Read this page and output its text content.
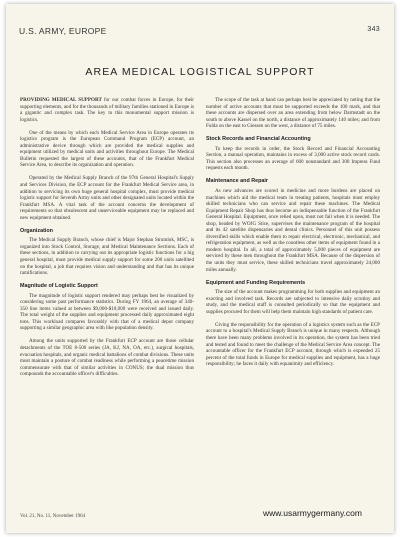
U.S. ARMY, EUROPE	343
AREA MEDICAL LOGISTICAL SUPPORT

PROVIDING MEDICAL SUPPORT for our combat forces in Europe, for their supporting elements, and for the thousands of military families stationed in Europe is a gigantic and complex task. The key to this monumental support mission is logistics.

One of the means by which each Medical Service Area in Europe operates its logistics program is the European Command Program (ECP) account, an administrative device through which are provided the medical supplies and equipment utilized by medical units and activities throughout Europe. The Medical Bulletin requested the largest of these accounts, that of the Frankfurt Medical Service Area, to describe its organization and operation.

Operated by the Medical Supply Branch of the 97th General Hospital's Supply and Services Division, the ECP account for the Frankfurt Medical Service area, in addition to servicing its own huge general hospital complex, must provide medical logistic support for Seventh Army units and other designated units located within the Frankfurt MSA. A vital task of the account concerns the development of requirements so that obsolescent and unserviceable equipment may be replaced and new equipment obtained.

Organization

The Medical Supply Branch, whose chief is Major Stephan Strumlok, MSC, is organized into Stock Control, Storage, and Medical Maintenance Sections. Each of these sections, in addition to carrying out its appropriate logistic functions for a big general hospital, must provide medical supply support for some 200 units satellited on the hospital, a job that requires vision and understanding and that has its unique ramifications.

Magnitude of Logistic Support

The magnitude of logistic support rendered may perhaps best be visualized by considering some past performance statistics. During FY 1964, an average of 340-350 line items valued at between $9,000-$10,000 were received and issued daily. The total weight of the supplies and equipment processed daily approximated eight tons. This workload compares favorably with that of a medical depot company supporting a similar geographic area with like population density.

Among the units supported by the Frankfurt ECP account are those cellular detachments of the TOE 8-500 series (JA, KJ, NA, OA, etc.), surgical hospitals, evacuation hospitals, and organic medical battalions of combat divisions. These units must maintain a posture of combat readiness while performing a peacetime mission commensurate with that of similar activities in CONUS; the dual mission thus compounds the accountable officer's difficulties.

The scope of the task at hand can perhaps best be appreciated by noting that the number of active accounts that must be supported exceeds the 100 mark, and that these accounts are dispersed over an area extending from below Darmstadt on the south to above Kassel on the north, a distance of approximately 140 miles; and from Fulda on the east to Giessen on the west, a distance of 75 miles.

Stock Records and Financial Accounting

To keep the records in order, the Stock Record and Financial Accounting Section, a manual operation, maintains in excess of 3,000 active stock record cards. This section also processes an average of 600 nonstandard and 300 Impress Fund requests each month.

Maintenance and Repair

As new advances are scored in medicine and more burdens are placed on machines which aid the medical team in treating patients, hospitals must employ skilled technicians who can service and repair these machines. The Medical Equipment Repair Shop has thus become an indispensable function of the Frankfurt General Hospital. Equipment, once relied upon, must not fail when it is needed. The shop, headed by WOJG Stice, supervises the maintenance program of the hospital and its 42 satellite dispensaries and dental clinics. Personnel of this unit possess diversified skills which enable them to repair electrical, electronic, mechanical, and refrigeration equipment, as well as the countless other items of equipment found in a modern hospital. In all, a total of approximately 5,000 pieces of equipment are serviced by these men throughout the Frankfurt MSA. Because of the dispersion of the units they must service, these skilled technicians travel approximately 24,000 miles annually.

Equipment and Funding Requirements

The size of the account makes programming for both supplies and equipment an exacting and involved task. Records are subjected to intensive daily scrutiny and study, and the medical staff is consulted periodically so that the equipment and supplies procured for them will help them maintain high standards of patient care.

Giving the responsibility for the operation of a logistics system such as the ECP account to a hospital's Medical Supply Branch is unique in many respects. Although there have been many problems involved in its operation, the system has been tried and tested and found to meet the challenge of the Medical Service Area concept. The accountable officer for the Frankfurt ECP account, through which is expended 25 percent of the total funds in Europe for medical supplies and equipment, has a huge responsibility; he faces it daily with equanimity and efficiency.

Vol. 21, No. 11, November 1964	www.usarmygermany.com
